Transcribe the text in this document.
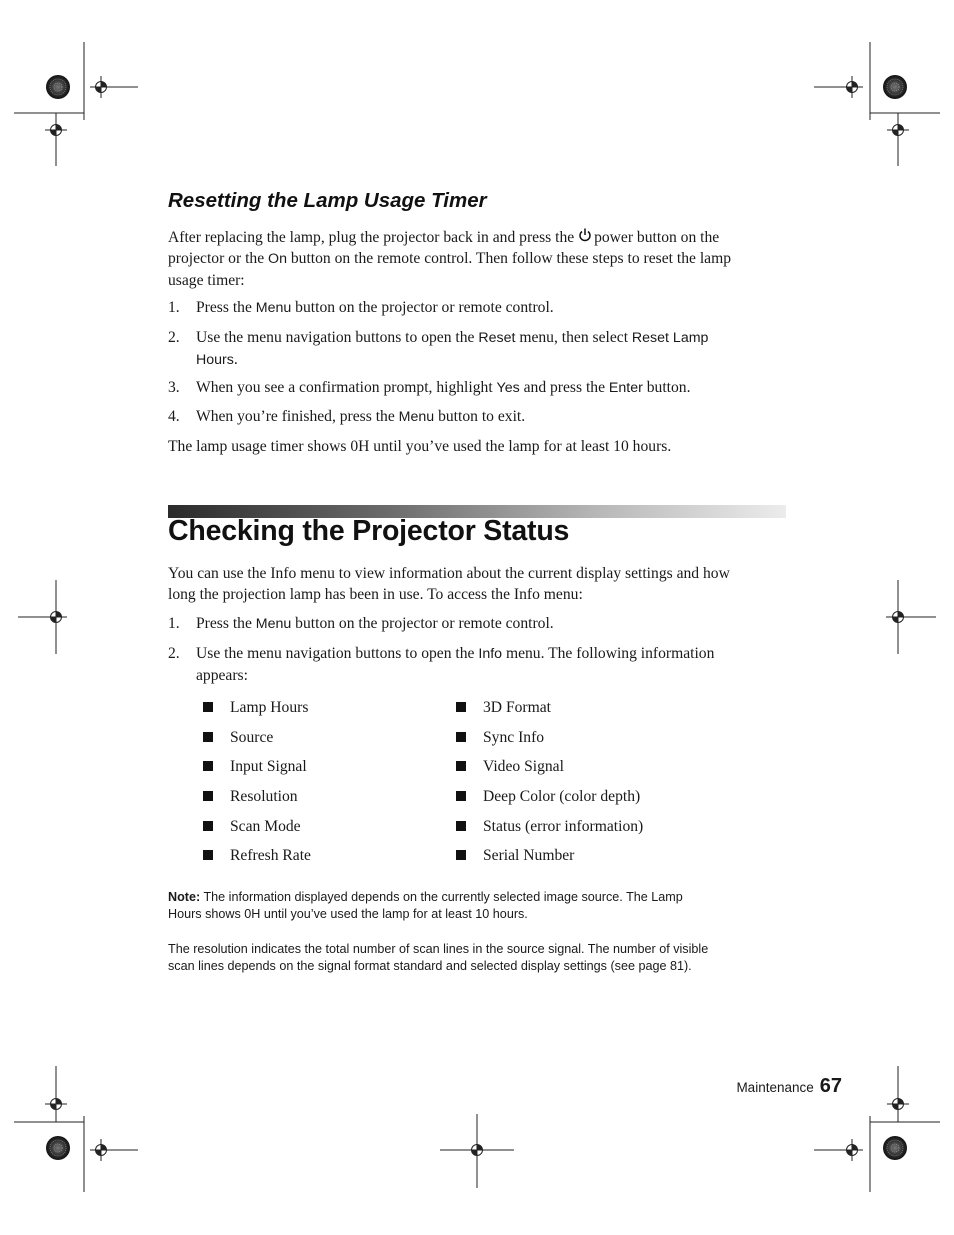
Resetting the Lamp Usage Timer
After replacing the lamp, plug the projector back in and press the power button on the
projector or the On button on the remote control. Then follow these steps to reset the lamp
usage timer:
1.	Press the Menu button on the projector or remote control.
2.	Use the menu navigation buttons to open the Reset menu, then select Reset Lamp
Hours.
3.	When you see a confirmation prompt, highlight Yes and press the Enter button.
4.	When you’re finished, press the Menu button to exit.
The lamp usage timer shows 0H until you’ve used the lamp for at least 10 hours.
Checking the Projector Status
You can use the Info menu to view information about the current display settings and how
long the projection lamp has been in use. To access the Info menu:
1.	Press the Menu button on the projector or remote control.
2.	Use the menu navigation buttons to open the Info menu. The following information
appears:
Lamp Hours
Source
Input Signal
Resolution
Scan Mode
Refresh Rate
3D Format
Sync Info
Video Signal
Deep Color (color depth)
Status (error information)
Serial Number
Note: The information displayed depends on the currently selected image source. The Lamp
Hours shows 0H until you’ve used the lamp for at least 10 hours.
The resolution indicates the total number of scan lines in the source signal. The number of visible
scan lines depends on the signal format standard and selected display settings (see page 81).
Maintenance 67
